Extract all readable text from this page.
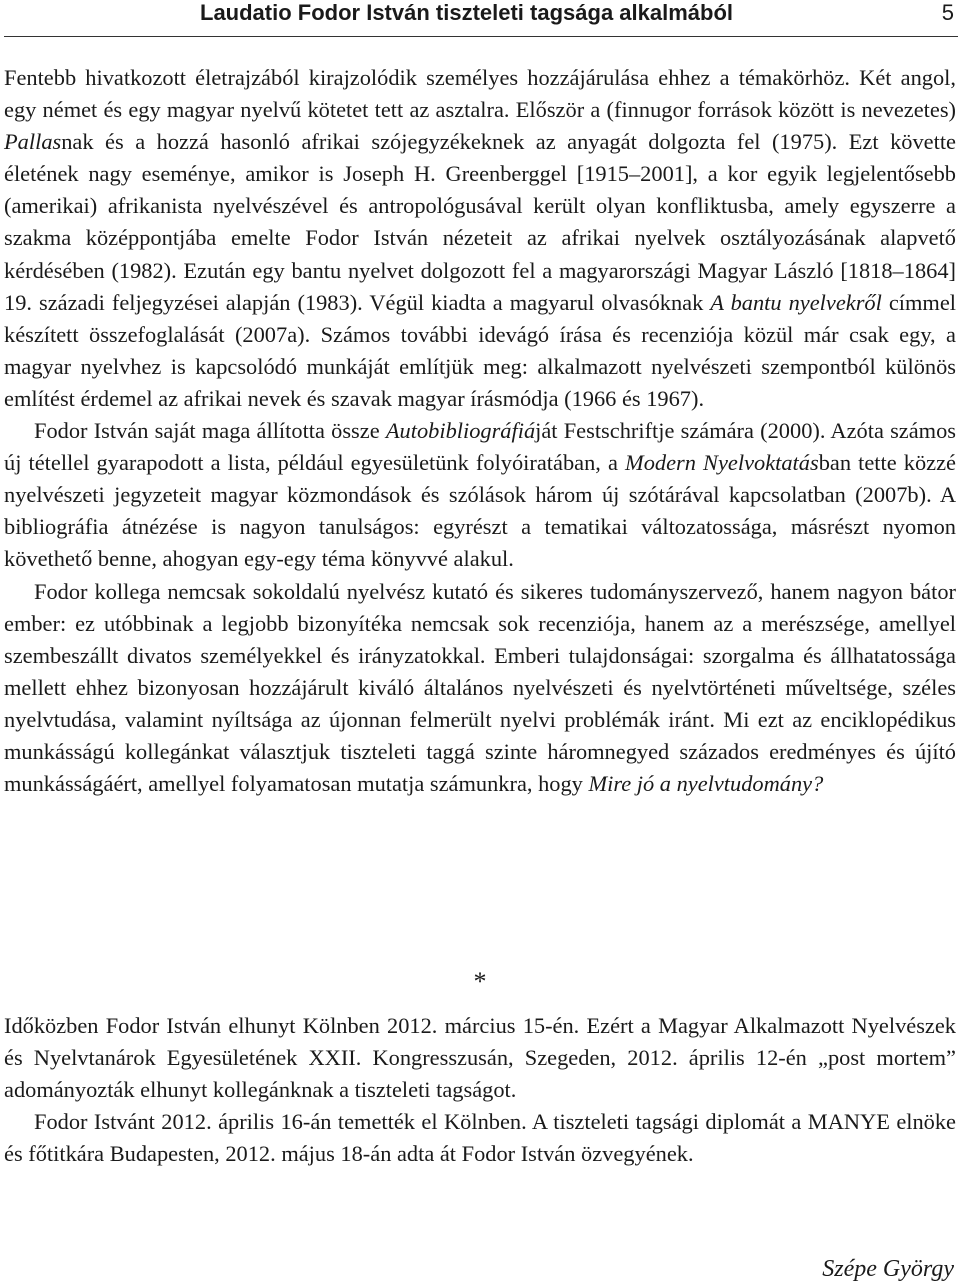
Laudatio Fodor István tiszteleti tagsága alkalmából	5

Fentebb hivatkozott életrajzából kirajzolódik személyes hozzájárulása ehhez a témakörhöz. Két angol, egy német és egy magyar nyelvű kötetet tett az asztalra. Először a (finnugor források között is nevezetes) Pallasnak és a hozzá hasonló afrikai szójegyzékeknek az anyagát dolgozta fel (1975). Ezt követte életének nagy eseménye, amikor is Joseph H. Greenberggel [1915–2001], a kor egyik legjelentősebb (amerikai) afrikanista nyelvészével és antropológusával került olyan konfliktusba, amely egyszerre a szakma középpontjába emelte Fodor István nézeteit az afrikai nyelvek osztályozásának alapvető kérdésében (1982). Ezután egy bantu nyelvet dolgozott fel a magyarországi Magyar László [1818–1864] 19. századi feljegyzései alapján (1983). Végül kiadta a magyarul olvasóknak A bantu nyelvekről címmel készített összefoglalását (2007a). Számos további idevágó írása és recenziója közül már csak egy, a magyar nyelvhez is kapcsolódó munkáját említjük meg: alkalmazott nyelvészeti szempontból különös említést érdemel az afrikai nevek és szavak magyar írásmódja (1966 és 1967).

Fodor István saját maga állította össze Autobibliográfiáját Festschriftje számára (2000). Azóta számos új tétellel gyarapodott a lista, például egyesületünk folyóiratában, a Modern Nyelvoktatásban tette közzé nyelvészeti jegyzeteit magyar közmondások és szólások három új szótárával kapcsolatban (2007b). A bibliográfia átnézése is nagyon tanulságos: egyrészt a tematikai változatossága, másrészt nyomon követhető benne, ahogyan egy-egy téma könyvvé alakul.

Fodor kollega nemcsak sokoldalú nyelvész kutató és sikeres tudományszervező, hanem nagyon bátor ember: ez utóbbinak a legjobb bizonyítéka nemcsak sok recenziója, hanem az a merészsége, amellyel szembeszállt divatos személyekkel és irányzatokkal. Emberi tulajdonságai: szorgalma és állhatatossága mellett ehhez bizonyosan hozzájárult kiváló általános nyelvészeti és nyelvtörténeti műveltsége, széles nyelvtudása, valamint nyíltsága az újonnan felmerült nyelvi problémák iránt. Mi ezt az enciklopédikus munkásságú kollegánkat választjuk tiszteleti taggá szinte háromnegyed százados eredményes és újító munkásságáért, amellyel folyamatosan mutatja számunkra, hogy Mire jó a nyelvtudomány?

*

Időközben Fodor István elhunyt Kölnben 2012. március 15-én. Ezért a Magyar Alkalmazott Nyelvészek és Nyelvtanárok Egyesületének XXII. Kongresszusán, Szegeden, 2012. április 12-én „post mortem” adományozták elhunyt kollegánknak a tiszteleti tagságot.

Fodor Istvánt 2012. április 16-án temették el Kölnben. A tiszteleti tagsági diplomát a MANYE elnöke és főtitkára Budapesten, 2012. május 18-án adta át Fodor István özvegyének.

Szépe György
